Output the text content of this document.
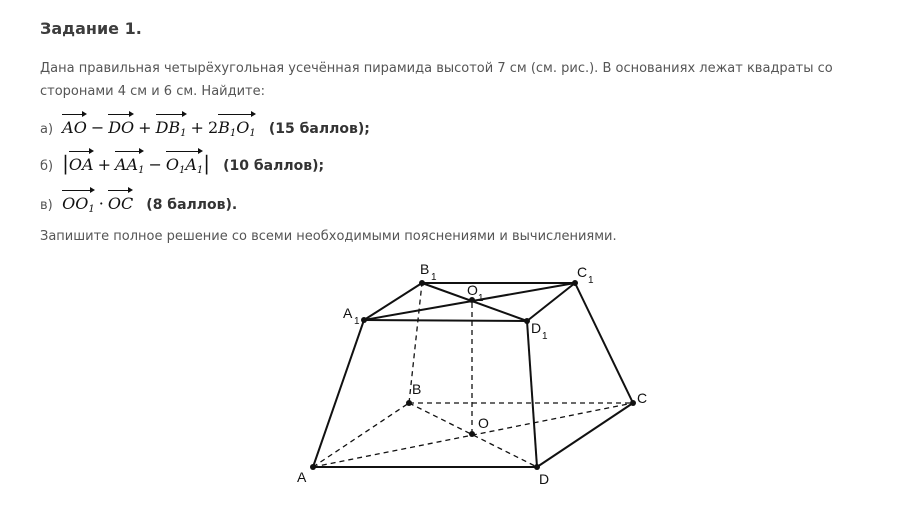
Задание 1.
Дана правильная четырёхугольная усечённая пирамида высотой 7 см (см. рис.). В основаниях лежат квадраты со сторонами 4 см и 6 см. Найдите:
а) AO − DO + $DB_1 + 2B_1O_1$ (15 баллов);
б) $|OA + AA_1 - O_1A_1|$ (10 баллов);
в) $OO_1$ · OC (8 баллов).
Запишите полное решение со всеми необходимыми пояснениями и вычислениями.
A	D
C
B
O
A
1
B
1	C
1
D
1
O
1
